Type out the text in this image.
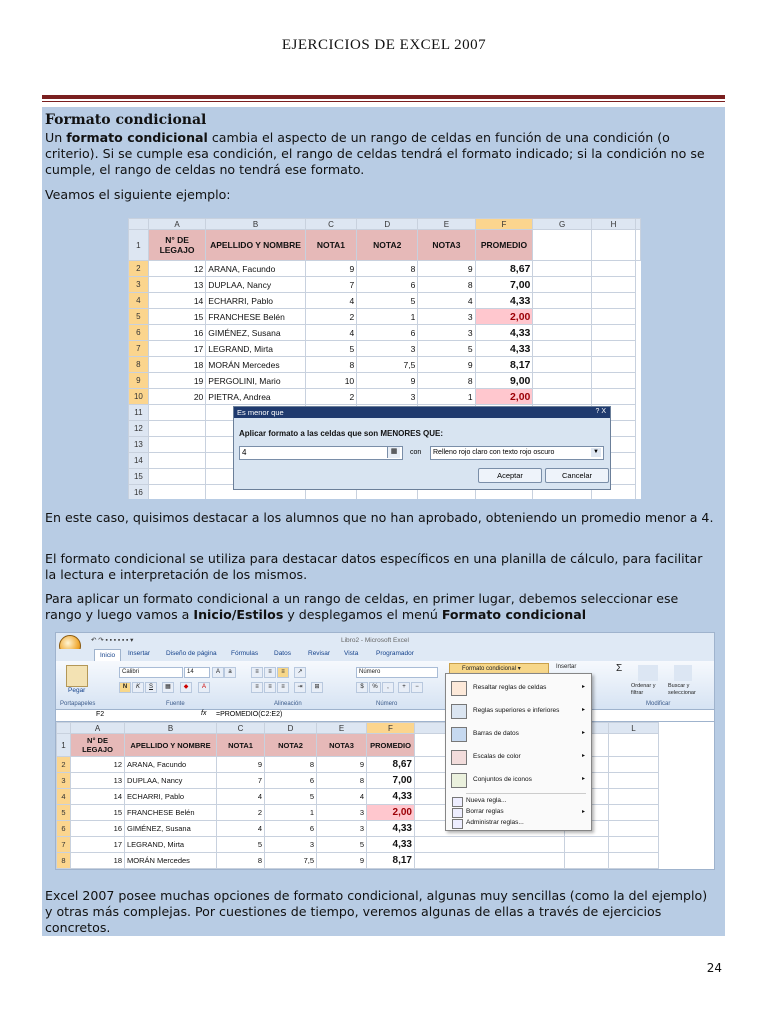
EJERCICIOS DE EXCEL 2007
Formato condicional
Un formato condicional cambia el aspecto de un rango de celdas en función de una condición (o criterio). Si se cumple esa condición, el rango de celdas tendrá el formato indicado; si la condición no se cumple, el rango de celdas no tendrá ese formato.
Veamos el siguiente ejemplo:
	A	B	C	D	E	F	G	H	
1	N° DE LEGAJO	APELLIDO Y NOMBRE	NOTA1	NOTA2	NOTA3	PROMEDIO			
2	12	ARANA, Facundo	9	8	9	8,67			
3	13	DUPLAA, Nancy	7	6	8	7,00			
4	14	ECHARRI, Pablo	4	5	4	4,33			
5	15	FRANCHESE Belén	2	1	3	2,00			
6	16	GIMÉNEZ, Susana	4	6	3	4,33			
7	17	LEGRAND, Mirta	5	3	5	4,33			
8	18	MORÁN Mercedes	8	7,5	9	8,17			
9	19	PERGOLINI, Mario	10	9	8	9,00			
10	20	PIETRA, Andrea	2	3	1	2,00			
11									
12									
13									
14									
15									
16									

Es menor que	? X
Aplicar formato a las celdas que son MENORES QUE:
4	▦	con	Relleno rojo claro con texto rojo oscuro	▼
Aceptar	Cancelar
En este caso, quisimos destacar a los alumnos que no han aprobado, obteniendo un promedio menor a 4.
El formato condicional se utiliza para destacar datos específicos en una planilla de cálculo, para facilitar la lectura e interpretación de los mismos.
Para aplicar un formato condicional a un rango de celdas, en primer lugar, debemos seleccionar ese rango y luego vamos a Inicio/Estilos y desplegamos el menú Formato condicional
↶ ↷ ▪ ▪ ▪ ▪ ▪ ▪ ▾	Libro2 - Microsoft Excel
Inicio	Insertar Diseño de página Fórmulas Datos	Revisar Vista	Programador
Pegar
Calibri	14	A	a
N	K	S	▦	◆	A
≡	≡	≡	↗
≡	≡	≡	⇥	⊞
Número
$	%	,	+	−
Formato condicional ▾	Insertar	Σ
Ordenar y filtrar
Buscar y seleccionar
Portapapeles	Fuente	Alineación	Número	Modificar
F2	fx =PROMEDIO(C2:E2)
	A	B	C	D	E	F			L
1	N° DE LEGAJO	APELLIDO Y NOMBRE	NOTA1	NOTA2	NOTA3	PROMEDIO			
2	12	ARANA, Facundo	9	8	9	8,67			
3	13	DUPLAA, Nancy	7	6	8	7,00			
4	14	ECHARRI, Pablo	4	5	4	4,33			
5	15	FRANCHESE Belén	2	1	3	2,00			
6	16	GIMÉNEZ, Susana	4	6	3	4,33			
7	17	LEGRAND, Mirta	5	3	5	4,33			
8	18	MORÁN Mercedes	8	7,5	9	8,17			

Resaltar reglas de celdas	▸
Reglas superiores e inferiores	▸
Barras de datos	▸
Escalas de color	▸
Conjuntos de iconos	▸
Nueva regla...
Borrar reglas	▸
Administrar reglas...
Excel 2007 posee muchas opciones de formato condicional, algunas muy sencillas (como la del ejemplo) y otras más complejas. Por cuestiones de tiempo, veremos algunas de ellas a través de ejercicios concretos.
24
